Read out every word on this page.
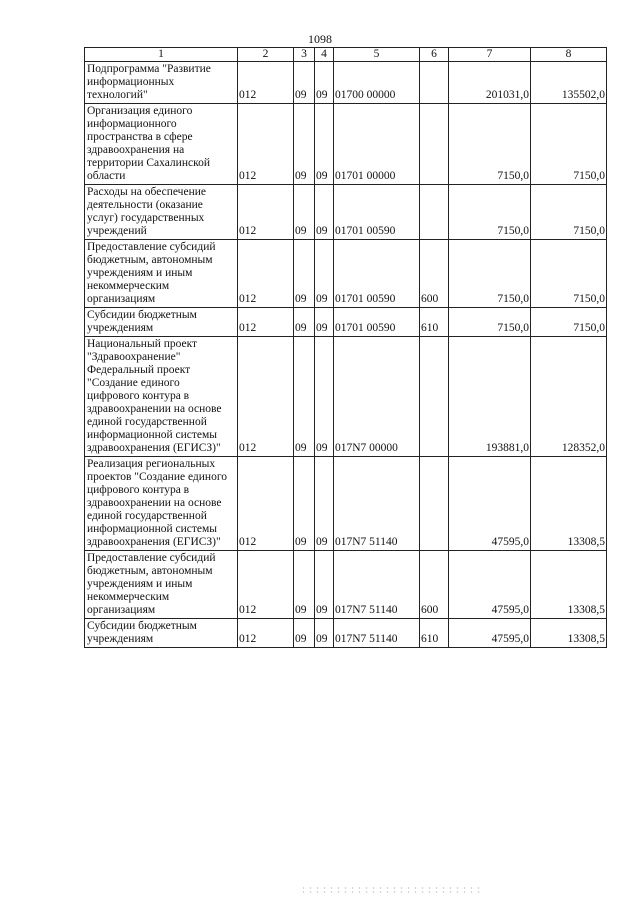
1098
1	2	3	4	5	6	7	8
Подпрограмма "Развитие информационных технологий"	012	09	09	01700 00000		201031,0	135502,0
Организация единого информационного пространства в сфере здравоохранения на территории Сахалинской области	012	09	09	01701 00000		7150,0	7150,0
Расходы на обеспечение деятельности (оказание услуг) государственных учреждений	012	09	09	01701 00590		7150,0	7150,0
Предоставление субсидий бюджетным, автономным учреждениям и иным некоммерческим организациям	012	09	09	01701 00590	600	7150,0	7150,0
Субсидии бюджетным учреждениям	012	09	09	01701 00590	610	7150,0	7150,0
Национальный проект "Здравоохранение" Федеральный проект "Создание единого цифрового контура в здравоохранении на основе единой государственной информационной системы здравоохранения (ЕГИСЗ)"	012	09	09	017N7 00000		193881,0	128352,0
Реализация региональных проектов "Создание единого цифрового контура в здравоохранении на основе единой государственной информационной системы здравоохранения (ЕГИСЗ)"	012	09	09	017N7 51140		47595,0	13308,5
Предоставление субсидий бюджетным, автономным учреждениям и иным некоммерческим организациям	012	09	09	017N7 51140	600	47595,0	13308,5
Субсидии бюджетным учреждениям	012	09	09	017N7 51140	610	47595,0	13308,5
